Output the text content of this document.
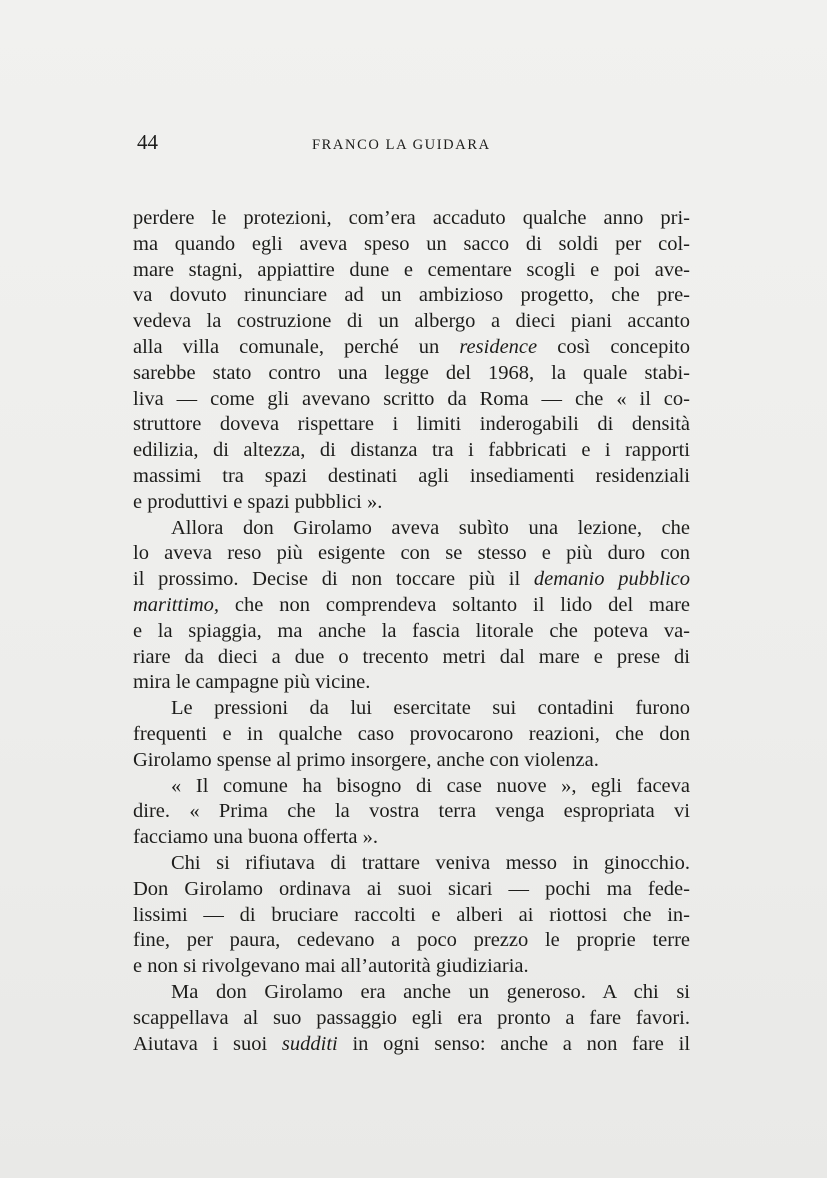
44	FRANCO LA GUIDARA
perdere le protezioni, com’era accaduto qualche anno pri-
ma quando egli aveva speso un sacco di soldi per col-
mare stagni, appiattire dune e cementare scogli e poi ave-
va dovuto rinunciare ad un ambizioso progetto, che pre-
vedeva la costruzione di un albergo a dieci piani accanto
alla villa comunale, perché un residence così concepito
sarebbe stato contro una legge del 1968, la quale stabi-
liva — come gli avevano scritto da Roma — che « il co-
struttore doveva rispettare i limiti inderogabili di densità
edilizia, di altezza, di distanza tra i fabbricati e i rapporti
massimi tra spazi destinati agli insediamenti residenziali
e produttivi e spazi pubblici ».
Allora don Girolamo aveva subìto una lezione, che
lo aveva reso più esigente con se stesso e più duro con
il prossimo. Decise di non toccare più il demanio pubblico
marittimo, che non comprendeva soltanto il lido del mare
e la spiaggia, ma anche la fascia litorale che poteva va-
riare da dieci a due o trecento metri dal mare e prese di
mira le campagne più vicine.
Le pressioni da lui esercitate sui contadini furono
frequenti e in qualche caso provocarono reazioni, che don
Girolamo spense al primo insorgere, anche con violenza.
« Il comune ha bisogno di case nuove », egli faceva
dire. « Prima che la vostra terra venga espropriata vi
facciamo una buona offerta ».
Chi si rifiutava di trattare veniva messo in ginocchio.
Don Girolamo ordinava ai suoi sicari — pochi ma fede-
lissimi — di bruciare raccolti e alberi ai riottosi che in-
fine, per paura, cedevano a poco prezzo le proprie terre
e non si rivolgevano mai all’autorità giudiziaria.
Ma don Girolamo era anche un generoso. A chi si
scappellava al suo passaggio egli era pronto a fare favori.
Aiutava i suoi sudditi in ogni senso: anche a non fare il
